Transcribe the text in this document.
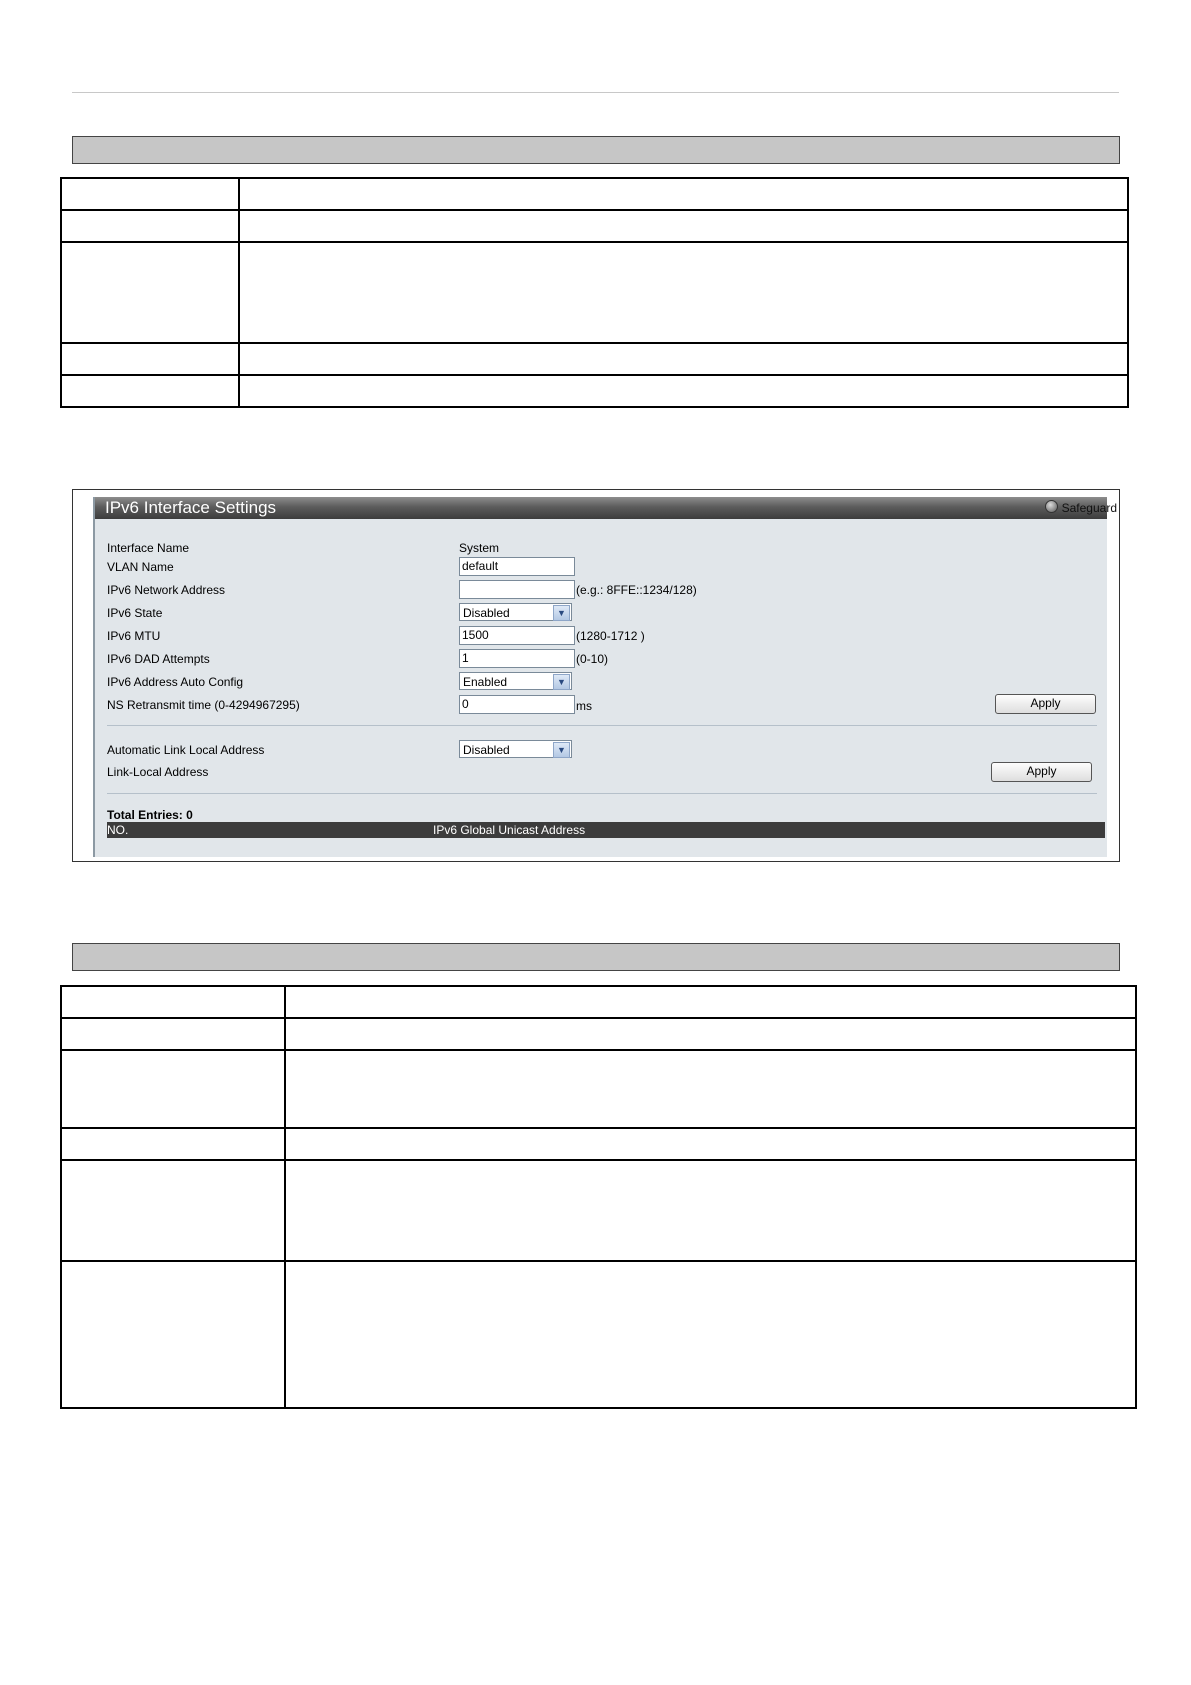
IPv6 Interface Settings	Safeguard
Interface Name	System
VLAN Name	default
IPv6 Network Address	(e.g.: 8FFE::1234/128)
IPv6 State	Disabled	▼
IPv6 MTU	1500	(1280-1712 )
IPv6 DAD Attempts	1	(0-10)
IPv6 Address Auto Config	Enabled	▼
NS Retransmit time (0-4294967295)	0	ms	Apply
Automatic Link Local Address	Disabled	▼
Link-Local Address	Apply
Total Entries: 0
NO.	IPv6 Global Unicast Address
